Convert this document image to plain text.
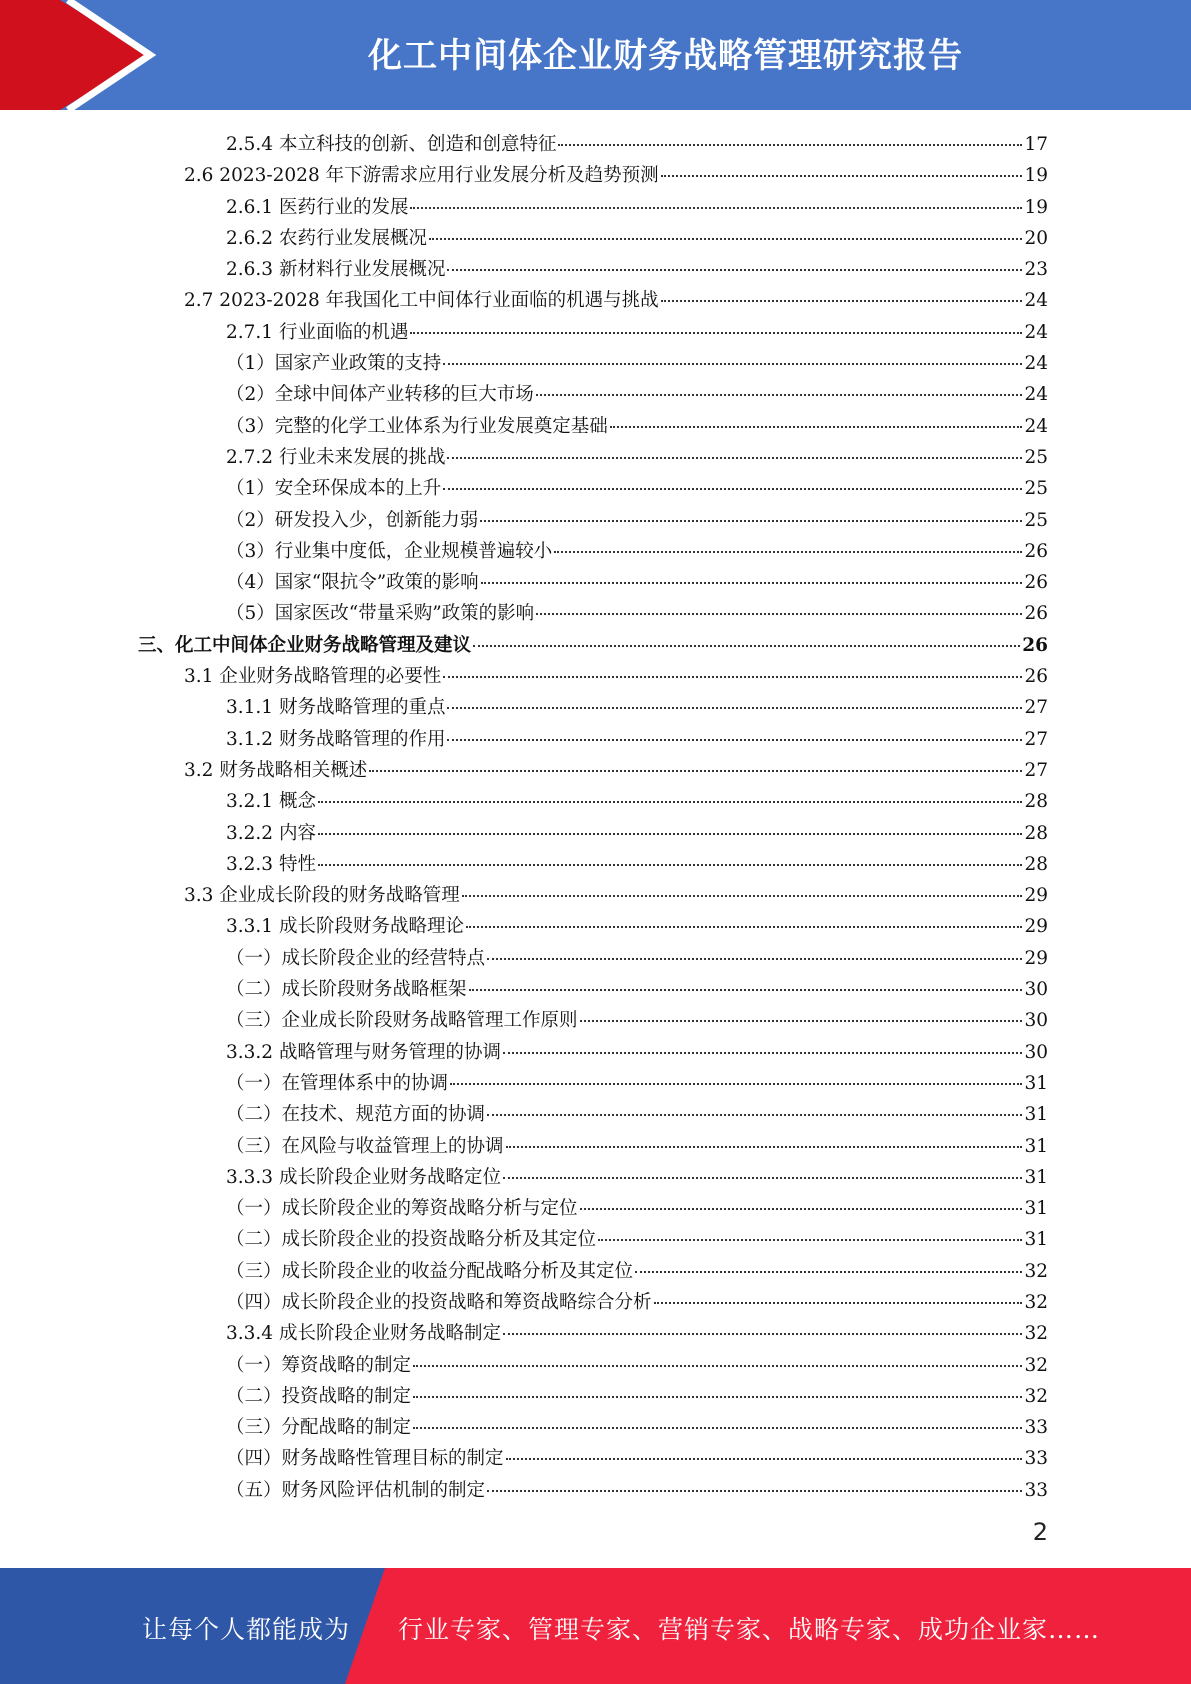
化工中间体企业财务战略管理研究报告
2.5.4 本立科技的创新、创造和创意特征	17
2.6 2023-2028 年下游需求应用行业发展分析及趋势预测	19
2.6.1 医药行业的发展	19
2.6.2 农药行业发展概况	20
2.6.3 新材料行业发展概况	23
2.7 2023-2028 年我国化工中间体行业面临的机遇与挑战	24
2.7.1 行业面临的机遇	24
（1）国家产业政策的支持	24
（2）全球中间体产业转移的巨大市场	24
（3）完整的化学工业体系为行业发展奠定基础	24
2.7.2 行业未来发展的挑战	25
（1）安全环保成本的上升	25
（2）研发投入少，创新能力弱	25
（3）行业集中度低，企业规模普遍较小	26
（4）国家“限抗令”政策的影响	26
（5）国家医改“带量采购”政策的影响	26
三、化工中间体企业财务战略管理及建议	26
3.1 企业财务战略管理的必要性	26
3.1.1 财务战略管理的重点	27
3.1.2 财务战略管理的作用	27
3.2 财务战略相关概述	27
3.2.1 概念	28
3.2.2 内容	28
3.2.3 特性	28
3.3 企业成长阶段的财务战略管理	29
3.3.1 成长阶段财务战略理论	29
（一）成长阶段企业的经营特点	29
（二）成长阶段财务战略框架	30
（三）企业成长阶段财务战略管理工作原则	30
3.3.2 战略管理与财务管理的协调	30
（一）在管理体系中的协调	31
（二）在技术、规范方面的协调	31
（三）在风险与收益管理上的协调	31
3.3.3 成长阶段企业财务战略定位	31
（一）成长阶段企业的筹资战略分析与定位	31
（二）成长阶段企业的投资战略分析及其定位	31
（三）成长阶段企业的收益分配战略分析及其定位	32
（四）成长阶段企业的投资战略和筹资战略综合分析	32
3.3.4 成长阶段企业财务战略制定	32
（一）筹资战略的制定	32
（二）投资战略的制定	32
（三）分配战略的制定	33
（四）财务战略性管理目标的制定	33
（五）财务风险评估机制的制定	33
2
让每个人都能成为 行业专家、管理专家、营销专家、战略专家、成功企业家……
